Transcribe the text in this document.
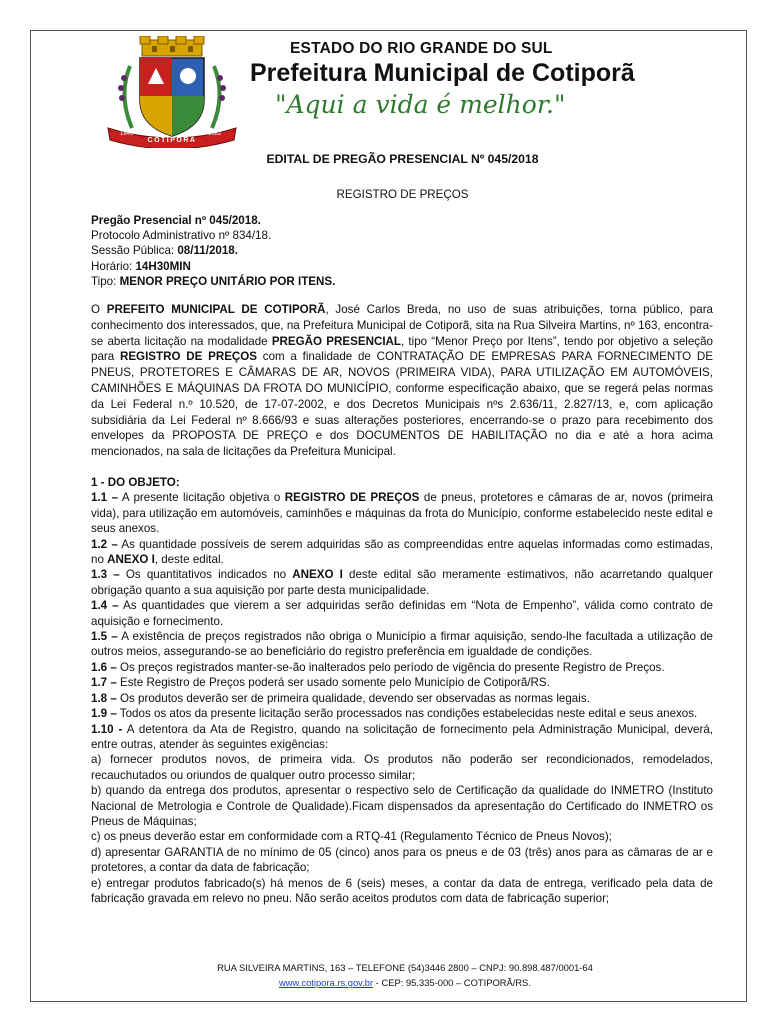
COTIPORÃ
1846	1982
ESTADO DO RIO GRANDE DO SUL
Prefeitura Municipal de Cotiporã
"Aqui a vida é melhor."
EDITAL DE PREGÃO PRESENCIAL Nº 045/2018
REGISTRO DE PREÇOS
Pregão Presencial nº 045/2018.
Protocolo Administrativo nº 834/18.
Sessão Pública: 08/11/2018.
Horário: 14H30MIN
Tipo: MENOR PREÇO UNITÁRIO POR ITENS.
O PREFEITO MUNICIPAL DE COTIPORÃ, José Carlos Breda, no uso de suas atribuições, torna público, para conhecimento dos interessados, que, na Prefeitura Municipal de Cotiporã, sita na Rua Silveira Martins, nº 163, encontra-se aberta licitação na modalidade PREGÃO PRESENCIAL, tipo “Menor Preço por Itens”, tendo por objetivo a seleção para REGISTRO DE PREÇOS com a finalidade de CONTRATAÇÃO DE EMPRESAS PARA FORNECIMENTO DE PNEUS, PROTETORES E CÂMARAS DE AR, NOVOS (PRIMEIRA VIDA), PARA UTILIZAÇÃO EM AUTOMÓVEIS, CAMINHÕES E MÁQUINAS DA FROTA DO MUNICÍPIO, conforme especificação abaixo, que se regerá pelas normas da Lei Federal n.º 10.520, de 17-07-2002, e dos Decretos Municipais nºs 2.636/11, 2.827/13, e, com aplicação subsidiária da Lei Federal nº 8.666/93 e suas alterações posteriores, encerrando-se o prazo para recebimento dos envelopes da PROPOSTA DE PREÇO e dos DOCUMENTOS DE HABILITAÇÃO no dia e até a hora acima mencionados, na sala de licitações da Prefeitura Municipal.

1 - DO OBJETO:

1.1 – A presente licitação objetiva o REGISTRO DE PREÇOS de pneus, protetores e câmaras de ar, novos (primeira vida), para utilização em automóveis, caminhões e máquinas da frota do Município, conforme estabelecido neste edital e seus anexos.

1.2 – As quantidade possíveis de serem adquiridas são as compreendidas entre aquelas informadas como estimadas, no ANEXO I, deste edital.

1.3 – Os quantitativos indicados no ANEXO I deste edital são meramente estimativos, não acarretando qualquer obrigação quanto a sua aquisição por parte desta municipalidade.

1.4 – As quantidades que vierem a ser adquiridas serão definidas em “Nota de Empenho”, válida como contrato de aquisição e fornecimento.

1.5 – A existência de preços registrados não obriga o Município a firmar aquisição, sendo-lhe facultada a utilização de outros meios, assegurando-se ao beneficiário do registro preferência em igualdade de condições.

1.6 – Os preços registrados manter-se-ão inalterados pelo período de vigência do presente Registro de Preços.

1.7 – Este Registro de Preços poderá ser usado somente pelo Município de Cotiporã/RS.

1.8 – Os produtos deverão ser de primeira qualidade, devendo ser observadas as normas legais.

1.9 – Todos os atos da presente licitação serão processados nas condições estabelecidas neste edital e seus anexos.

1.10 - A detentora da Ata de Registro, quando na solicitação de fornecimento pela Administração Municipal, deverá, entre outras, atender às seguintes exigências:

a) fornecer produtos novos, de primeira vida. Os produtos não poderão ser recondicionados, remodelados, recauchutados ou oriundos de qualquer outro processo similar;

b) quando da entrega dos produtos, apresentar o respectivo selo de Certificação da qualidade do INMETRO (Instituto Nacional de Metrologia e Controle de Qualidade).Ficam dispensados da apresentação do Certificado do INMETRO os Pneus de Máquinas;

c) os pneus deverão estar em conformidade com a RTQ-41 (Regulamento Técnico de Pneus Novos);

d) apresentar GARANTIA de no mínimo de 05 (cinco) anos para os pneus e de 03 (três) anos para as câmaras de ar e protetores, a contar da data de fabricação;

e) entregar produtos fabricado(s) há menos de 6 (seis) meses, a contar da data de entrega, verificado pela data de fabricação gravada em relevo no pneu. Não serão aceitos produtos com data de fabricação superior;

RUA SILVEIRA MARTINS, 163 – TELEFONE (54)3446 2800 – CNPJ: 90.898.487/0001-64
www.cotipora.rs.gov.br - CEP: 95.335-000 – COTIPORÃ/RS.
